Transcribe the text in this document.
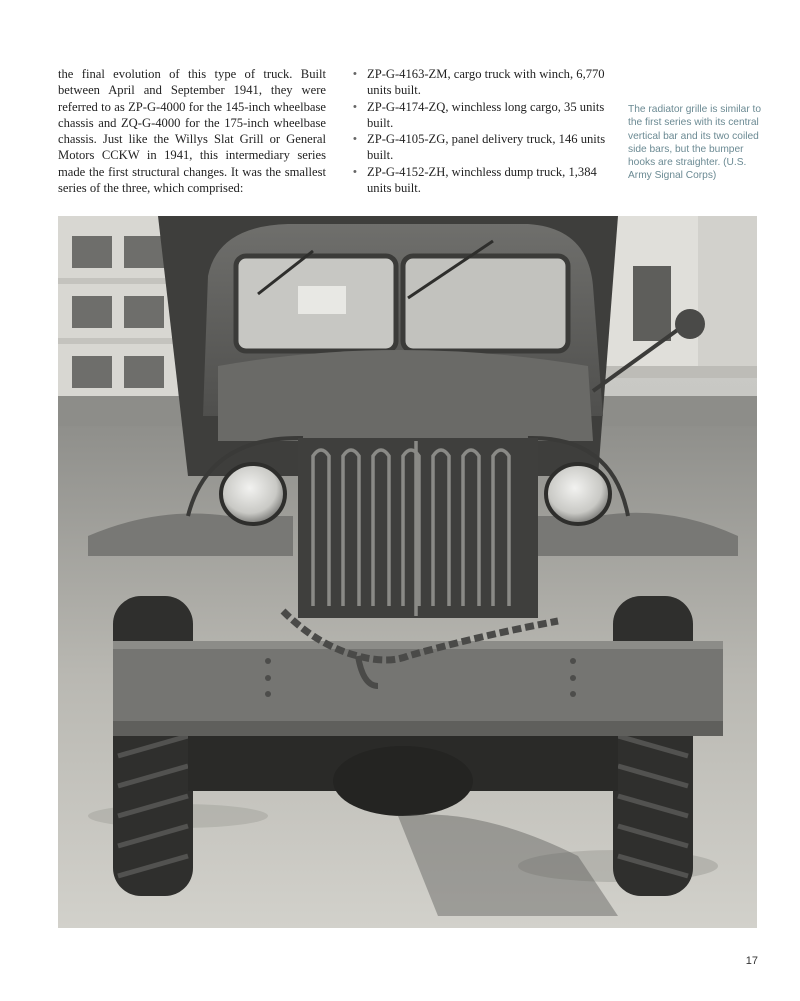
the final evolution of this type of truck. Built between April and September 1941, they were referred to as ZP-G-4000 for the 145-inch wheelbase chassis and ZQ-G-4000 for the 175-inch wheelbase chassis. Just like the Willys Slat Grill or General Motors CCKW in 1941, this intermediary series made the first structural changes. It was the smallest series of the three, which comprised:
• ZP-G-4163-ZM, cargo truck with winch, 6,770 units built.
• ZP-G-4174-ZQ, winchless long cargo, 35 units built.
• ZP-G-4105-ZG, panel delivery truck, 146 units built.
• ZP-G-4152-ZH, winchless dump truck, 1,384 units built.
The radiator grille is similar to the first series with its central vertical bar and its two coiled side bars, but the bumper hooks are straighter. (U.S. Army Signal Corps)
17
